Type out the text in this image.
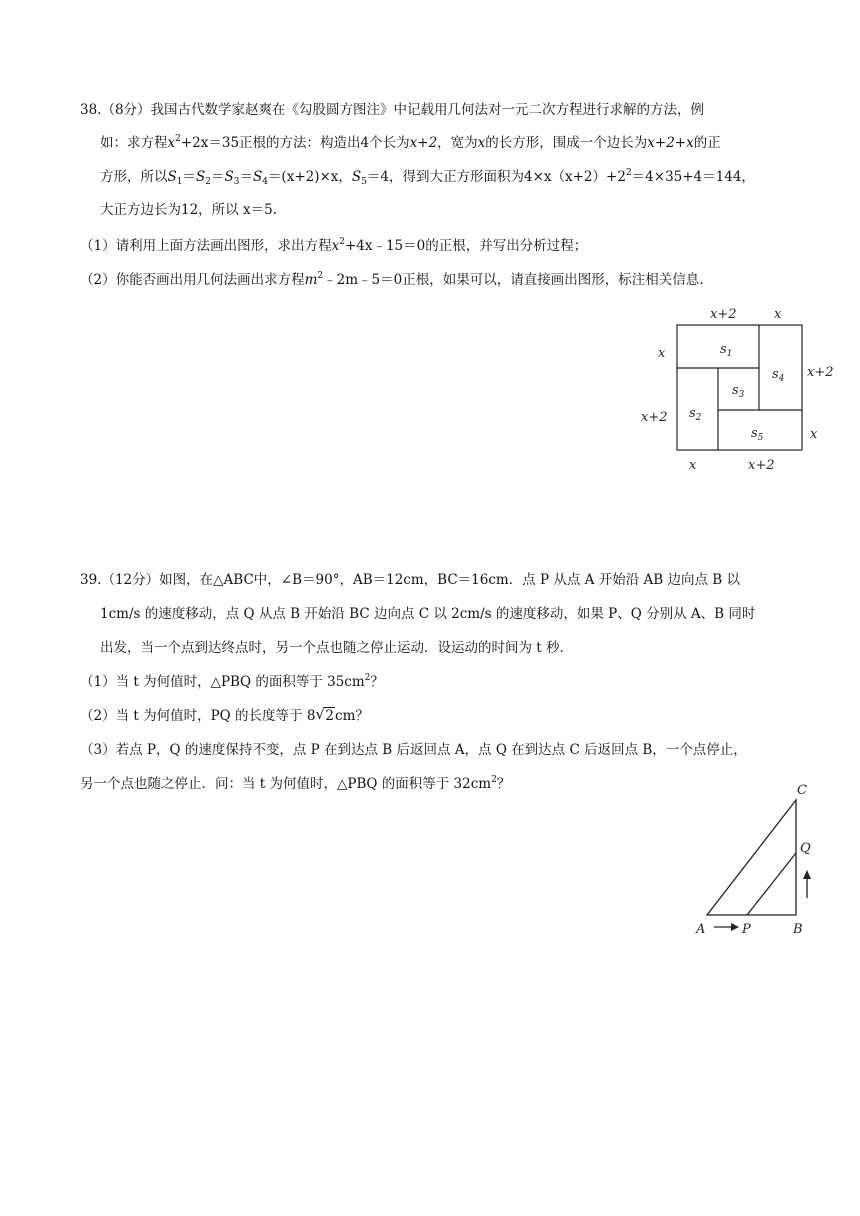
38.（8分）我国古代数学家赵爽在《勾股圆方图注》中记载用几何法对一元二次方程进行求解的方法，例
如：求方程$x^2+2x=35$正根的方法：构造出4个长为x+2，宽为x的长方形，围成一个边长为x+2+x的正
方形，所以$S_1=S_2=S_3=S_4=(x+2)\times x$，$S_5=4$，得到大正方形面积为$4\times x(x+2)+2^2=4\times 35+4=144$，
大正方边长为12，所以 x＝5.
（1）请利用上面方法画出图形，求出方程$x^2+4x﹣15=0$的正根，并写出分析过程；
（2）你能否画出用几何法画出求方程$m^2﹣2m﹣5=0$正根，如果可以，请直接画出图形，标注相关信息.
x+2	x
x
x+2
x+2
x
x	x+2
$s_1$
$s_2$
$s_3$
$s_4$
$s_5$
39.（12分）如图，在△ABC中，∠B＝90°，AB＝12cm，BC＝16cm．点 P 从点 A 开始沿 AB 边向点 B 以
1cm/s 的速度移动，点 Q 从点 B 开始沿 BC 边向点 C 以 2cm/s 的速度移动，如果 P、Q 分别从 A、B 同时
出发，当一个点到达终点时，另一个点也随之停止运动．设运动的时间为 t 秒.
（1）当 t 为何值时，△PBQ 的面积等于 $35cm^2$？
（2）当 t 为何值时，PQ 的长度等于 8 √ 2cm？
（3）若点 P，Q 的速度保持不变，点 P 在到达点 B 后返回点 A，点 Q 在到达点 C 后返回点 B，一个点停止，
另一个点也随之停止．问：当 t 为何值时，△PBQ 的面积等于 $32cm^2$？
A	P	B
C
Q
